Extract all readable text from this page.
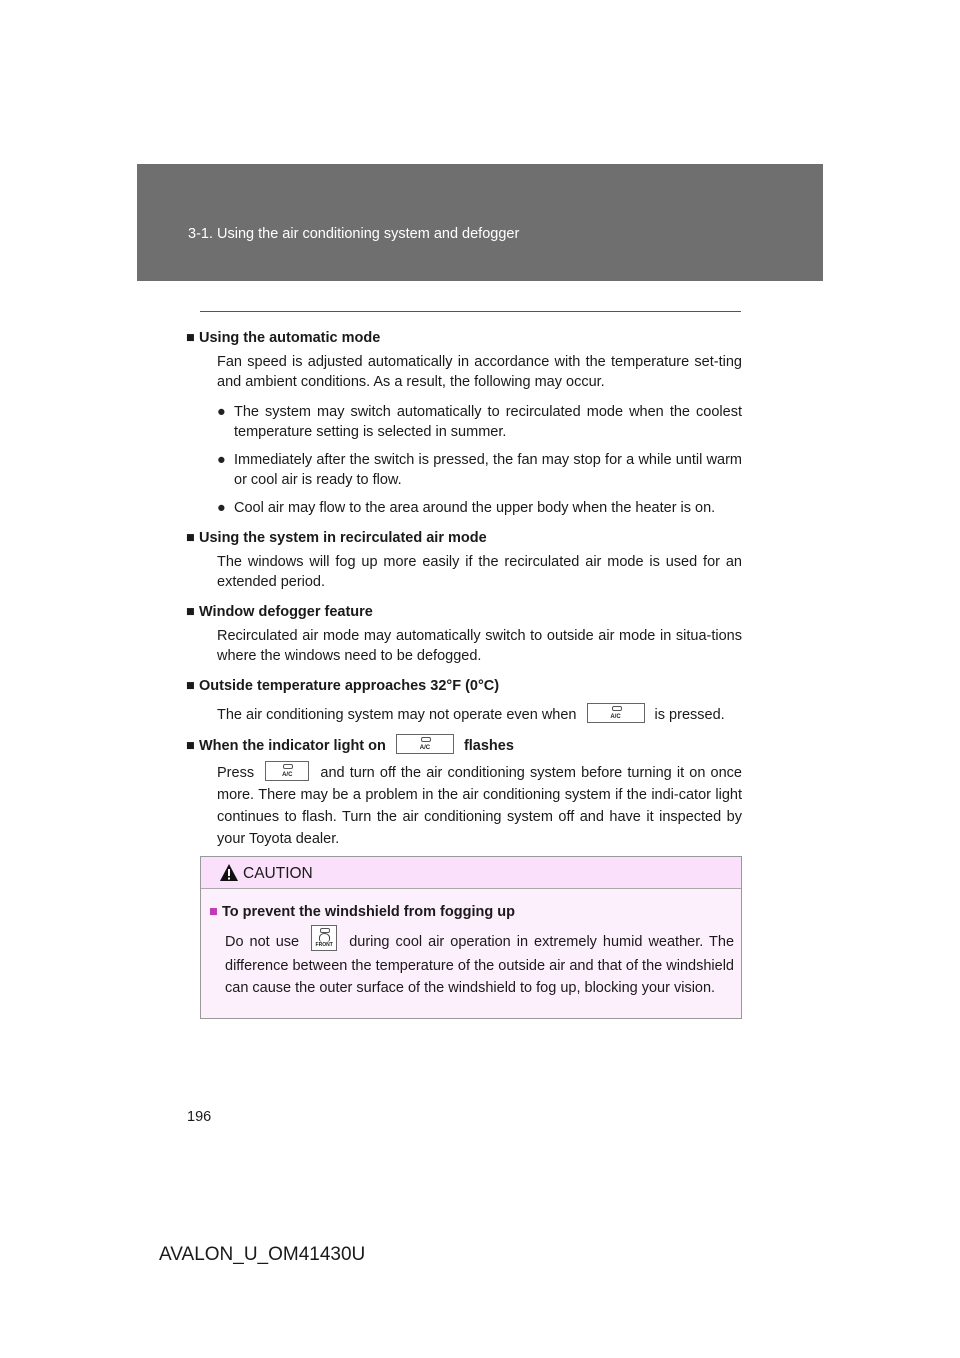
3-1. Using the air conditioning system and defogger
■ Using the automatic mode
Fan speed is adjusted automatically in accordance with the temperature set-ting and ambient conditions. As a result, the following may occur.
● The system may switch automatically to recirculated mode when the coolest temperature setting is selected in summer.
● Immediately after the switch is pressed, the fan may stop for a while until warm or cool air is ready to flow.
● Cool air may flow to the area around the upper body when the heater is on.
■ Using the system in recirculated air mode
The windows will fog up more easily if the recirculated air mode is used for an extended period.
■ Window defogger feature
Recirculated air mode may automatically switch to outside air mode in situa-tions where the windows need to be defogged.
■ Outside temperature approaches 32°F (0°C)
The air conditioning system may not operate even when	A/C	is pressed.
■ When the indicator light on	A/C	flashes
Press	A/C	and turn off the air conditioning system before turning it on once more. There may be a problem in the air conditioning system if the indi-cator light continues to flash. Turn the air conditioning system off and have it inspected by your Toyota dealer.
CAUTION
■ To prevent the windshield from fogging up
Do not use	FRONT during cool air operation in extremely humid weather. The difference between the temperature of the outside air and that of the windshield can cause the outer surface of the windshield to fog up, blocking your vision.
196
AVALON_U_OM41430U
